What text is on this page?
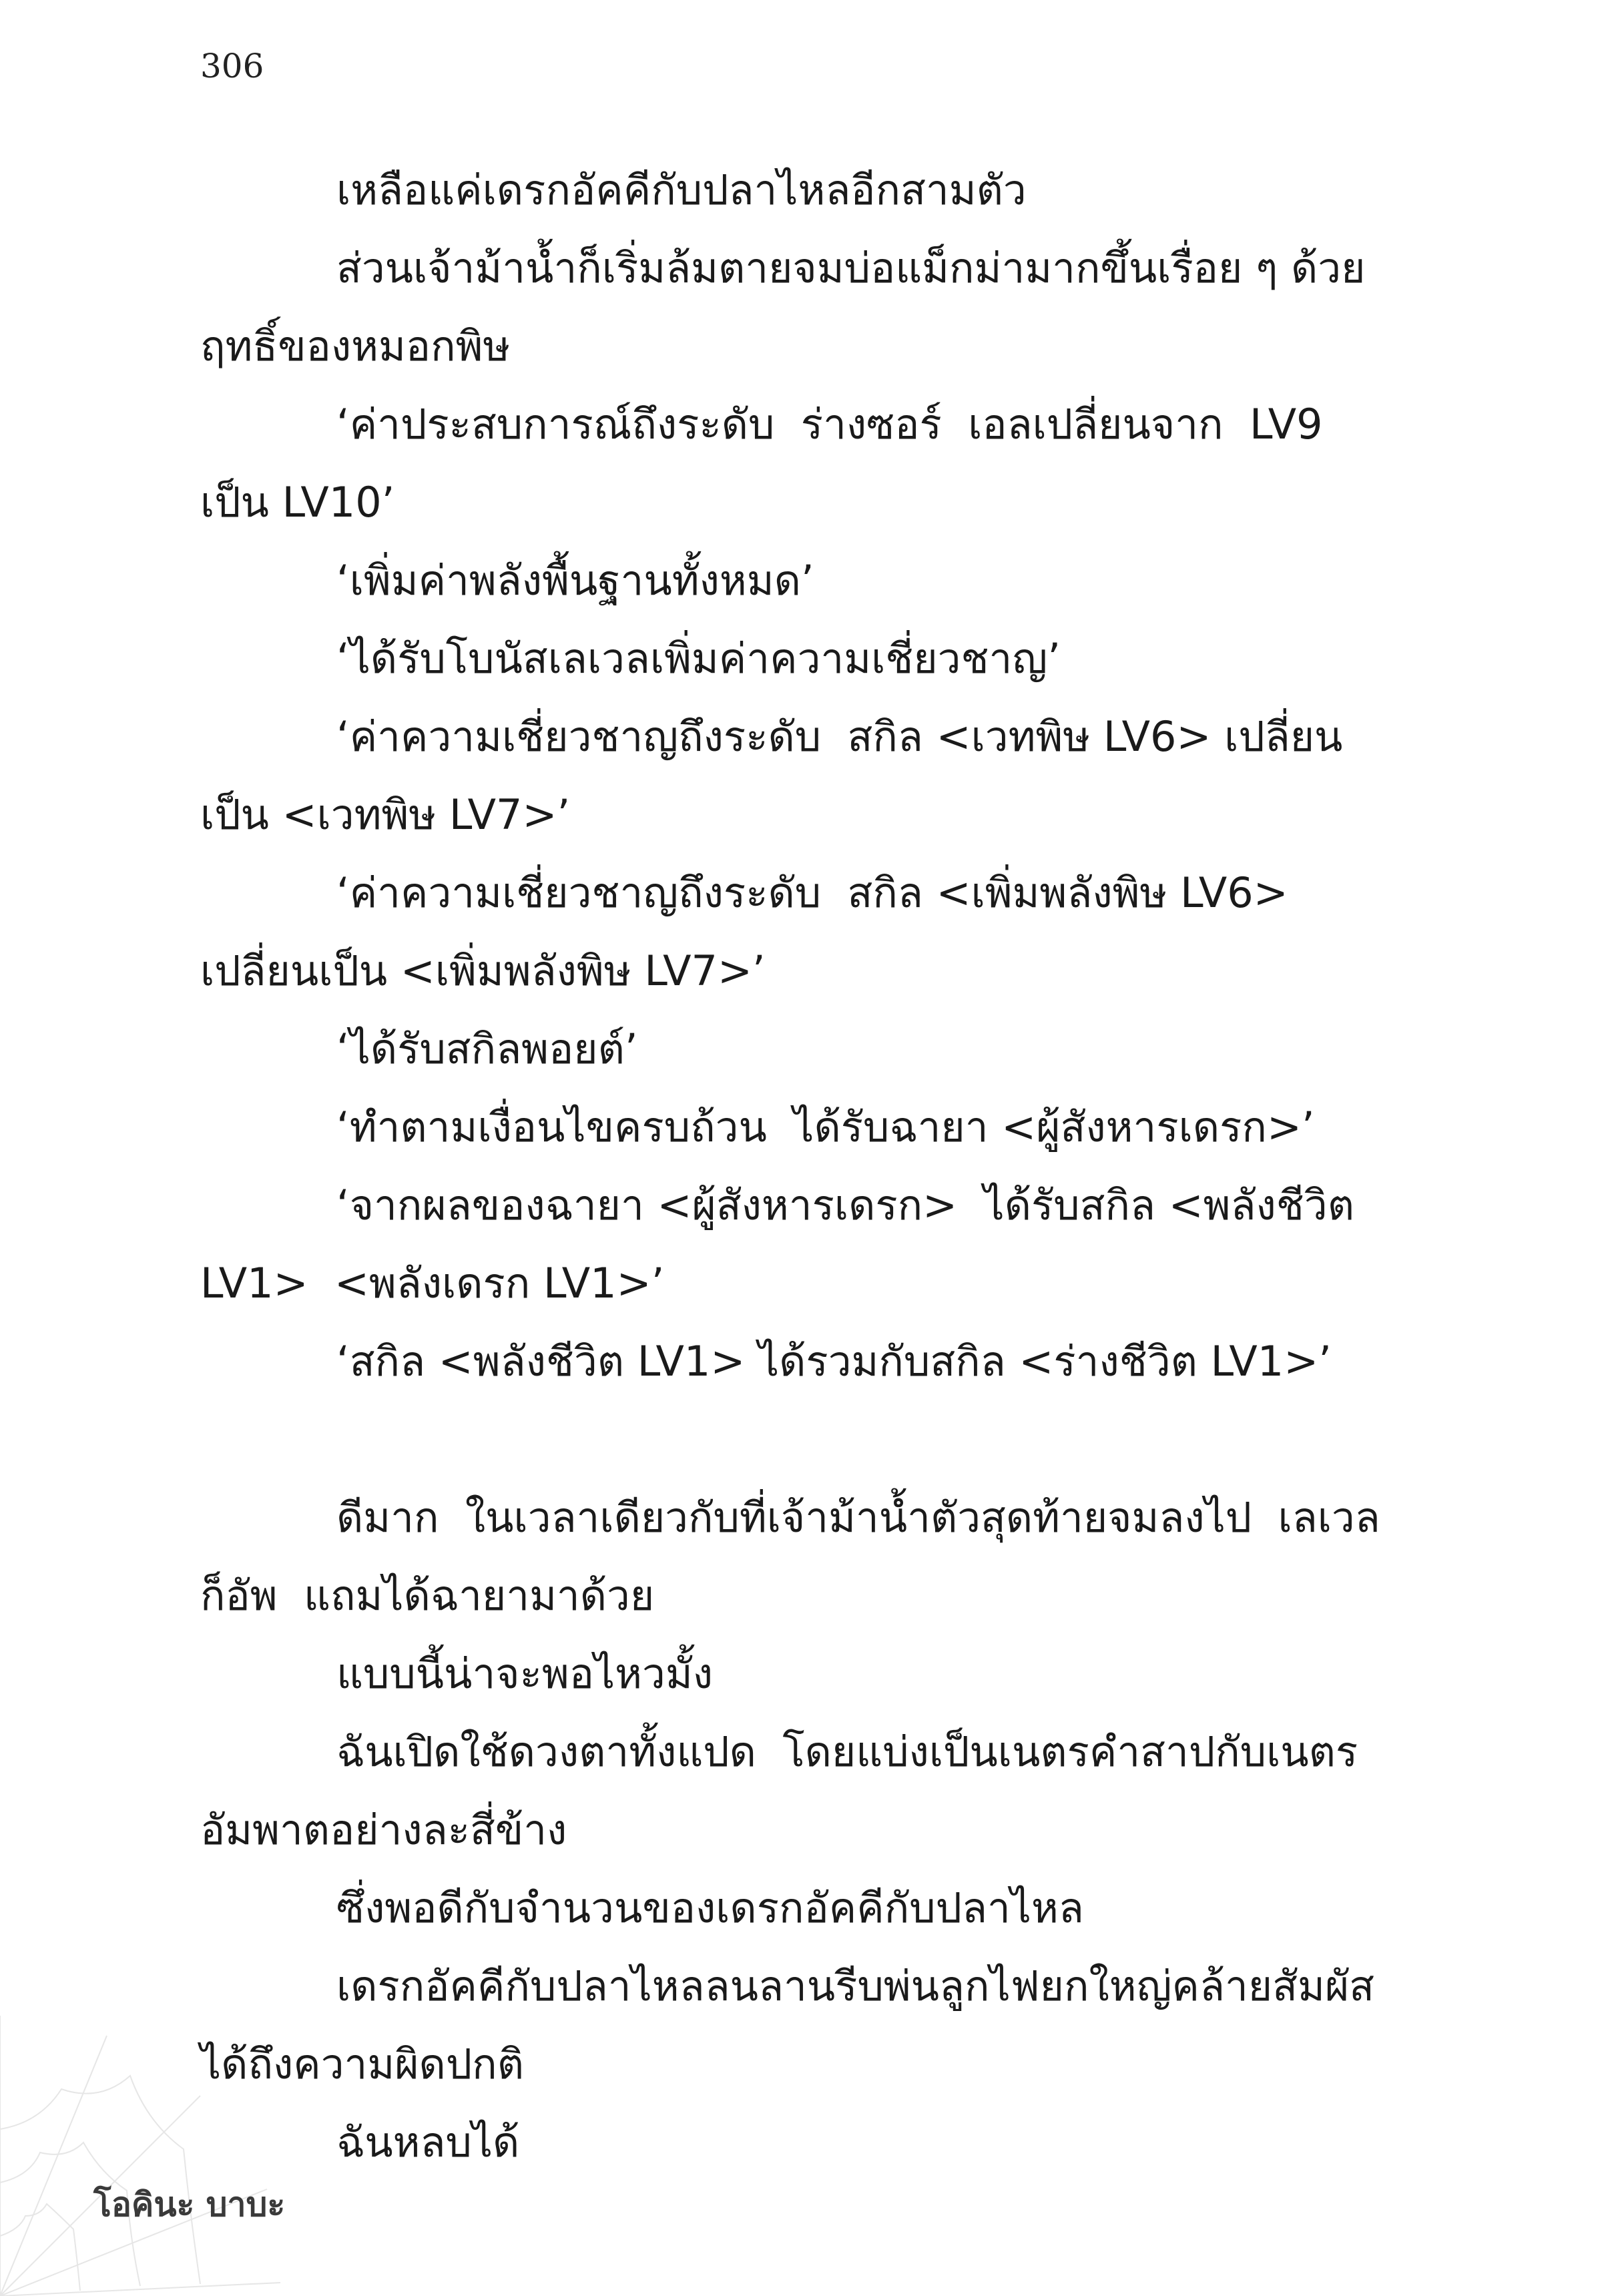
306
เหลือแค่เดรกอัคคีกับปลาไหลอีกสามตัว
ส่วนเจ้าม้าน้ำก็เริ่มล้มตายจมบ่อแม็กม่ามากขึ้นเรื่อย ๆ ด้วย
ฤทธิ์ของหมอกพิษ
‘ค่าประสบการณ์ถึงระดับ  ร่างซอร์  เอลเปลี่ยนจาก  LV9
เป็น LV10’
‘เพิ่มค่าพลังพื้นฐานทั้งหมด’
‘ได้รับโบนัสเลเวลเพิ่มค่าความเชี่ยวชาญ’
‘ค่าความเชี่ยวชาญถึงระดับ  สกิล <เวทพิษ LV6> เปลี่ยน
เป็น <เวทพิษ LV7>’
‘ค่าความเชี่ยวชาญถึงระดับ  สกิล <เพิ่มพลังพิษ LV6>
เปลี่ยนเป็น <เพิ่มพลังพิษ LV7>’
‘ได้รับสกิลพอยต์’
‘ทำตามเงื่อนไขครบถ้วน  ได้รับฉายา <ผู้สังหารเดรก>’
‘จากผลของฉายา <ผู้สังหารเดรก>  ได้รับสกิล <พลังชีวิต
LV1>  <พลังเดรก LV1>’
‘สกิล <พลังชีวิต LV1> ได้รวมกับสกิล <ร่างชีวิต LV1>’
ดีมาก  ในเวลาเดียวกับที่เจ้าม้าน้ำตัวสุดท้ายจมลงไป  เลเวล
ก็อัพ  แถมได้ฉายามาด้วย
แบบนี้น่าจะพอไหวมั้ง
ฉันเปิดใช้ดวงตาทั้งแปด  โดยแบ่งเป็นเนตรคำสาปกับเนตร
อัมพาตอย่างละสี่ข้าง
ซึ่งพอดีกับจำนวนของเดรกอัคคีกับปลาไหล
เดรกอัคคีกับปลาไหลลนลานรีบพ่นลูกไฟยกใหญ่คล้ายสัมผัส
ได้ถึงความผิดปกติ
ฉันหลบได้
โอคินะ บาบะ
